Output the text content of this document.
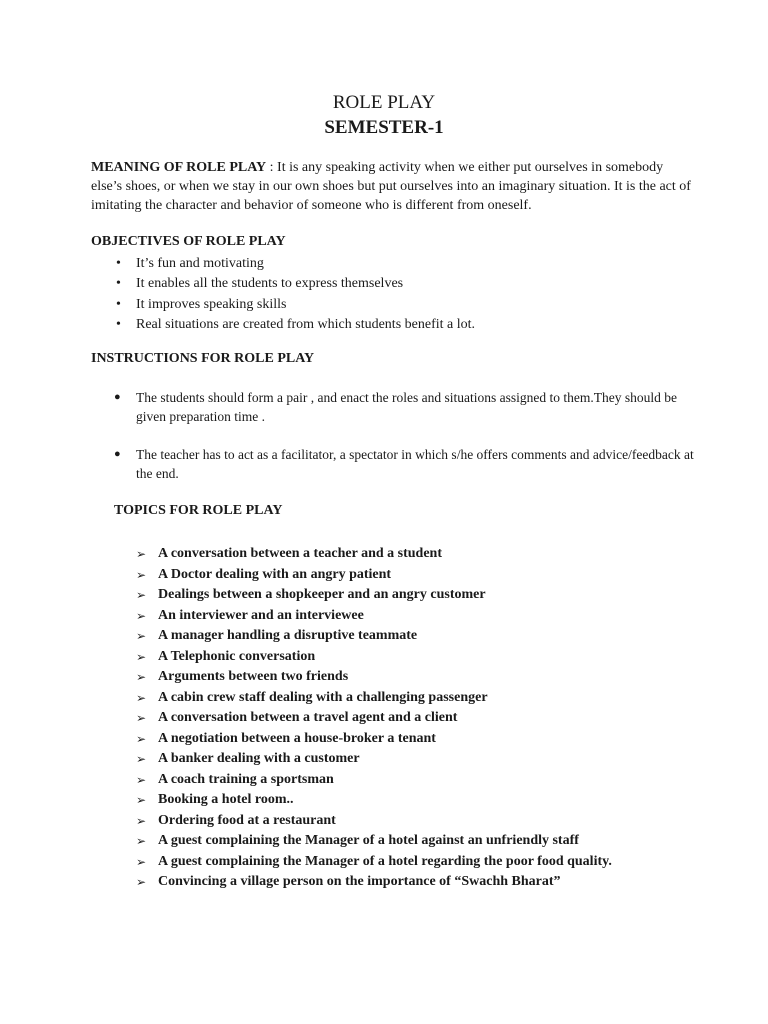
ROLE PLAY
SEMESTER-1
MEANING OF ROLE PLAY : It is any speaking activity when we either put ourselves in somebody else’s shoes, or when we stay in our own shoes but put ourselves into an imaginary situation. It is the act of imitating the character and behavior of someone who is different from oneself.
OBJECTIVES OF ROLE PLAY
• It’s fun and motivating
• It enables all the students to express themselves
• It improves speaking skills
• Real situations are created from which students benefit a lot.
INSTRUCTIONS FOR ROLE PLAY
●	The students should form a pair , and enact the roles and situations assigned to them.They should be given preparation time .
●	The teacher has to act as a facilitator, a spectator in which s/he offers comments and advice/feedback at the end.
TOPICS FOR ROLE PLAY
➢ A conversation between a teacher and a student
➢ A Doctor dealing with an angry patient
➢ Dealings between a shopkeeper and an angry customer
➢ An interviewer and an interviewee
➢ A manager handling a disruptive teammate
➢ A Telephonic conversation
➢ Arguments between two friends
➢ A cabin crew staff dealing with a challenging passenger
➢ A conversation between a travel agent and a client
➢ A negotiation between a house-broker a tenant
➢ A banker dealing with a customer
➢ A coach training a sportsman
➢ Booking a hotel room..
➢ Ordering food at a restaurant
➢ A guest complaining the Manager of a hotel against an unfriendly staff
➢ A guest complaining the Manager of a hotel regarding the poor food quality.
➢ Convincing a village person on the importance of “Swachh Bharat”
